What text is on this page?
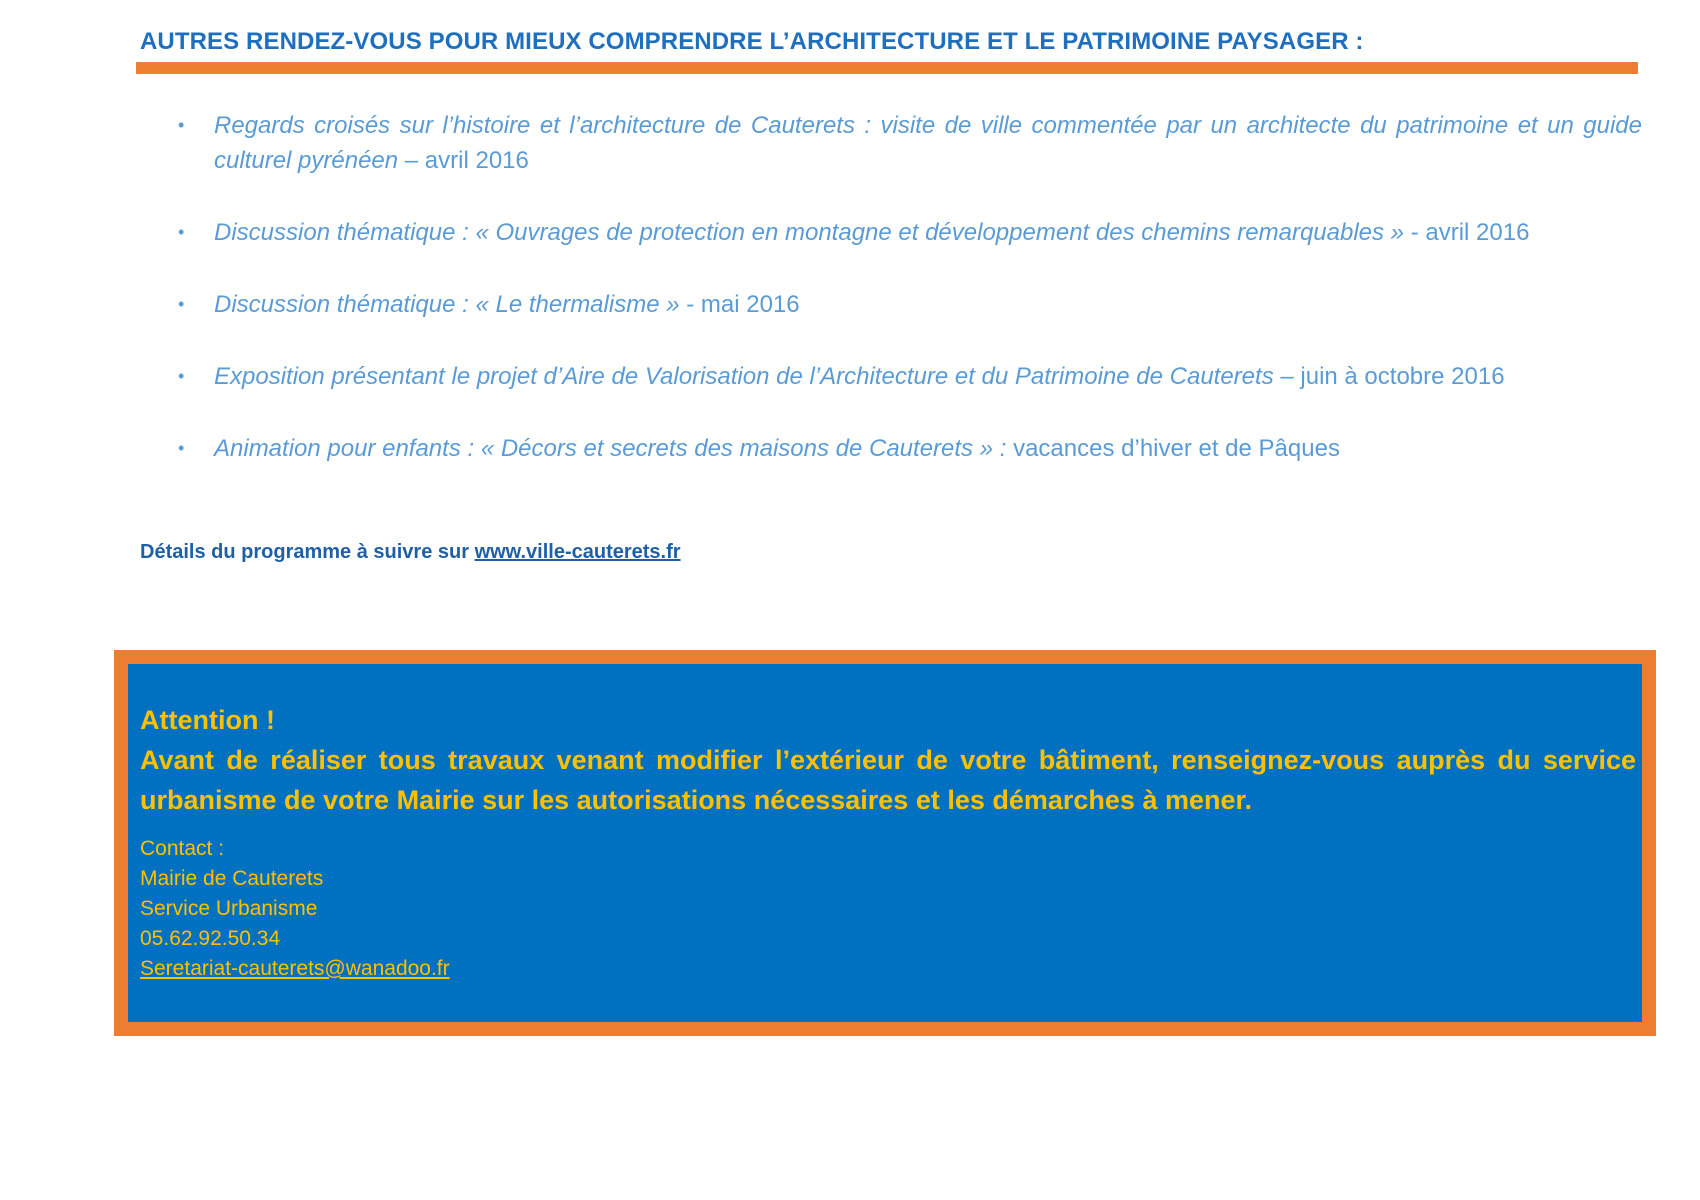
AUTRES RENDEZ-VOUS POUR MIEUX COMPRENDRE L’ARCHITECTURE ET LE PATRIMOINE PAYSAGER :
• Regards croisés sur l’histoire et l’architecture de Cauterets : visite de ville commentée par un architecte du patrimoine et un guide culturel pyrénéen – avril 2016
• Discussion thématique : « Ouvrages de protection en montagne et développement des chemins remarquables » - avril 2016
• Discussion thématique : « Le thermalisme » - mai 2016
• Exposition présentant le projet d’Aire de Valorisation de l’Architecture et du Patrimoine de Cauterets – juin à octobre 2016
• Animation pour enfants : « Décors et secrets des maisons de Cauterets » : vacances d’hiver et de Pâques
Détails du programme à suivre sur www.ville-cauterets.fr
Attention !
Avant de réaliser tous travaux venant modifier l’extérieur de votre bâtiment, renseignez-vous auprès du service urbanisme de votre Mairie sur les autorisations nécessaires et les démarches à mener.
Contact :
Mairie de Cauterets
Service Urbanisme
05.62.92.50.34
Seretariat-cauterets@wanadoo.fr
